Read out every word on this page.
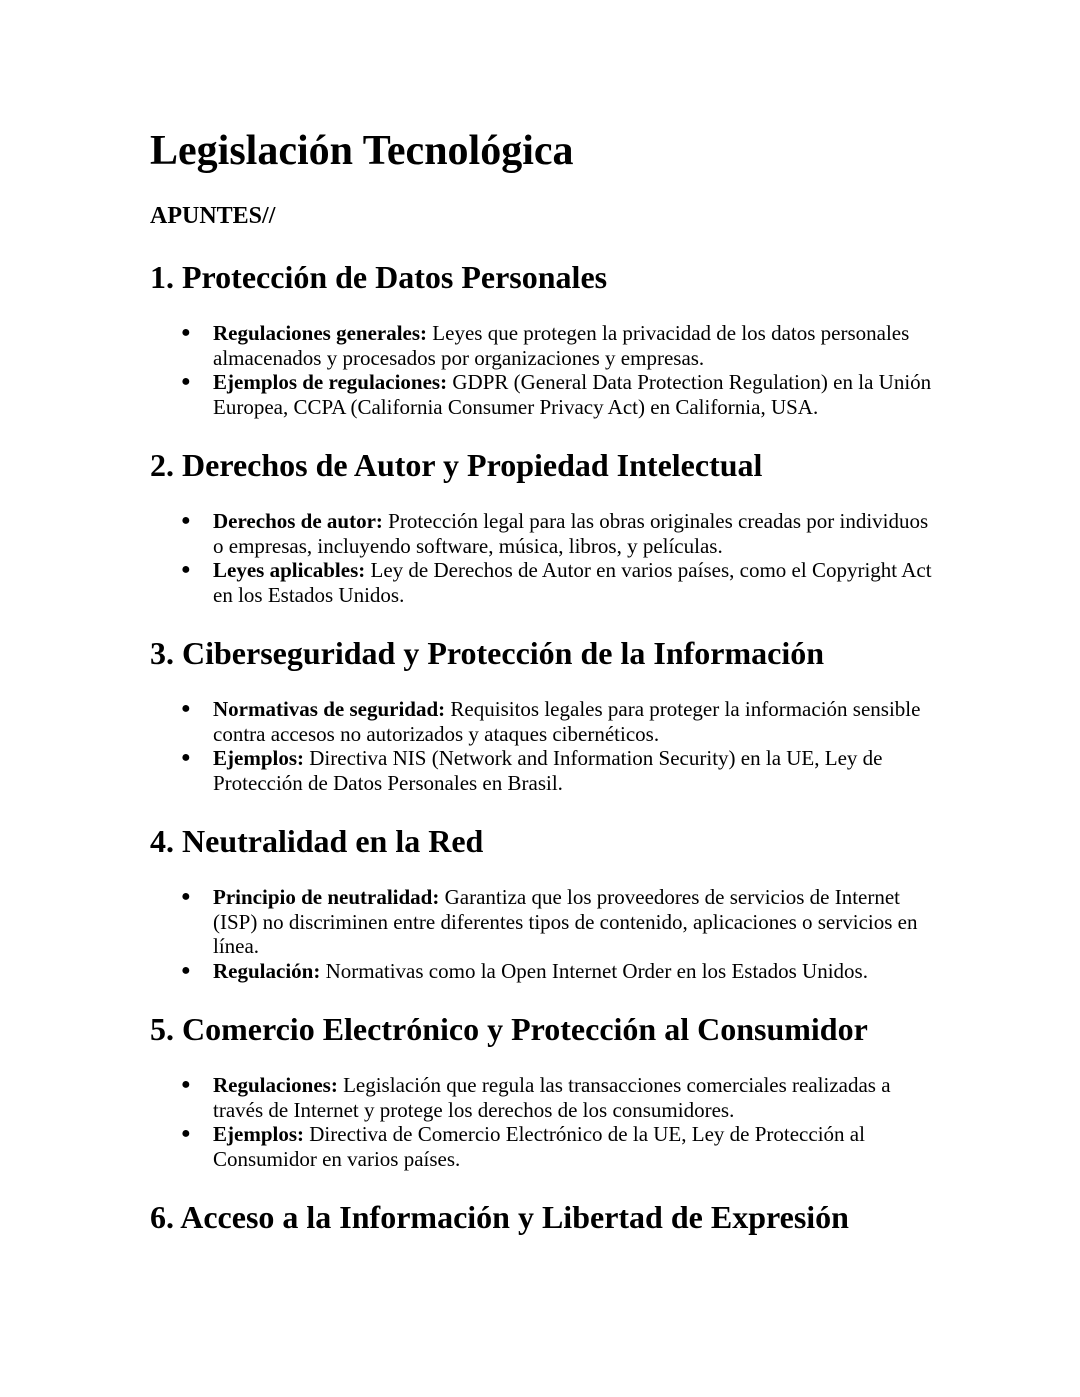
Legislación Tecnológica
APUNTES//
1. Protección de Datos Personales
● Regulaciones generales: Leyes que protegen la privacidad de los datos personales almacenados y procesados por organizaciones y empresas.
● Ejemplos de regulaciones: GDPR (General Data Protection Regulation) en la Unión Europea, CCPA (California Consumer Privacy Act) en California, USA.
2. Derechos de Autor y Propiedad Intelectual
● Derechos de autor: Protección legal para las obras originales creadas por individuos o empresas, incluyendo software, música, libros, y películas.
● Leyes aplicables: Ley de Derechos de Autor en varios países, como el Copyright Act en los Estados Unidos.
3. Ciberseguridad y Protección de la Información
● Normativas de seguridad: Requisitos legales para proteger la información sensible contra accesos no autorizados y ataques cibernéticos.
● Ejemplos: Directiva NIS (Network and Information Security) en la UE, Ley de Protección de Datos Personales en Brasil.
4. Neutralidad en la Red
● Principio de neutralidad: Garantiza que los proveedores de servicios de Internet (ISP) no discriminen entre diferentes tipos de contenido, aplicaciones o servicios en línea.
● Regulación: Normativas como la Open Internet Order en los Estados Unidos.
5. Comercio Electrónico y Protección al Consumidor
● Regulaciones: Legislación que regula las transacciones comerciales realizadas a través de Internet y protege los derechos de los consumidores.
● Ejemplos: Directiva de Comercio Electrónico de la UE, Ley de Protección al Consumidor en varios países.
6. Acceso a la Información y Libertad de Expresión
